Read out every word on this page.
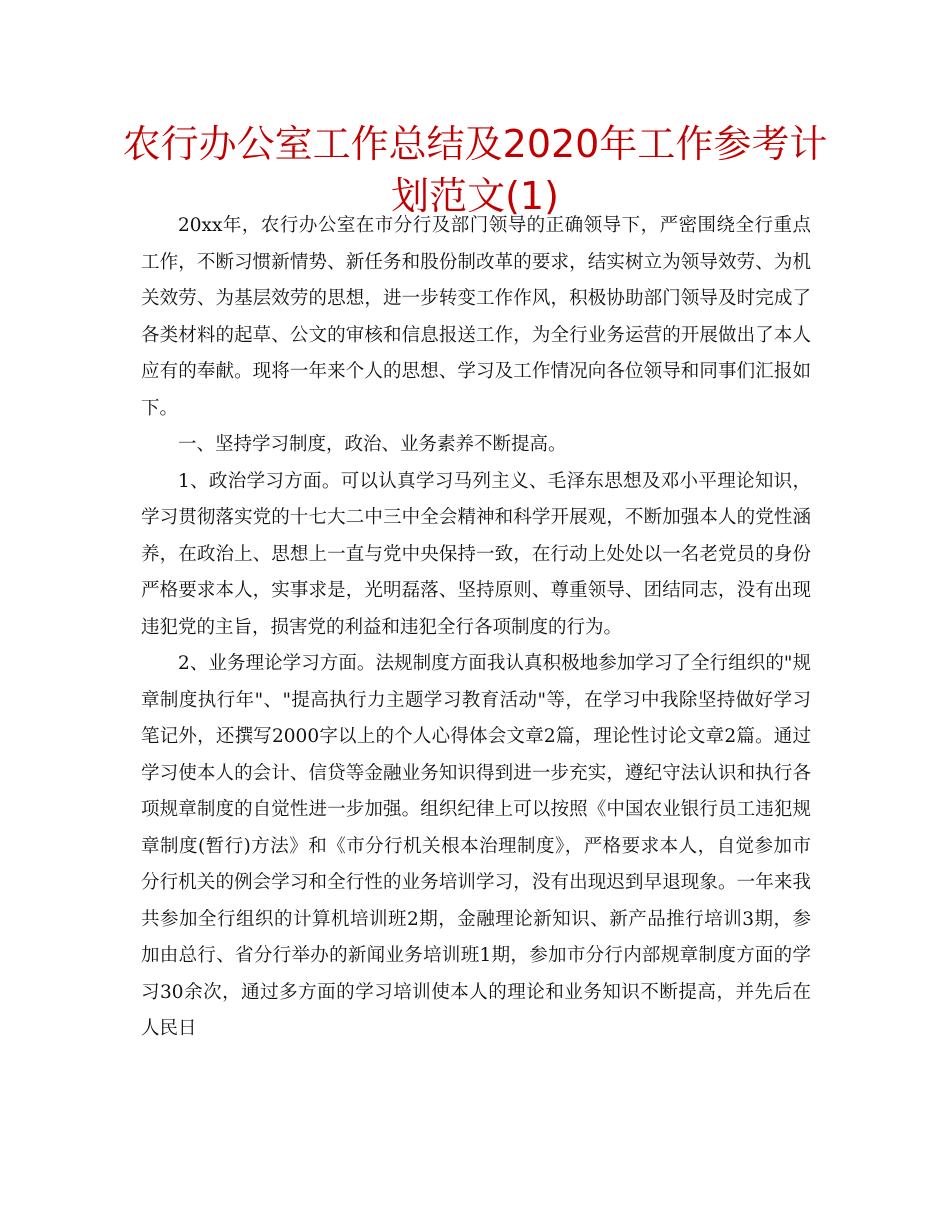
农行办公室工作总结及2020年工作参考计划范文(1)

20xx年，农行办公室在市分行及部门领导的正确领导下，严密围绕全行重点工作，不断习惯新情势、新任务和股份制改革的要求，结实树立为领导效劳、为机关效劳、为基层效劳的思想，进一步转变工作作风，积极协助部门领导及时完成了各类材料的起草、公文的审核和信息报送工作，为全行业务运营的开展做出了本人应有的奉献。现将一年来个人的思想、学习及工作情况向各位领导和同事们汇报如下。

一、坚持学习制度，政治、业务素养不断提高。

1、政治学习方面。可以认真学习马列主义、毛泽东思想及邓小平理论知识，学习贯彻落实党的十七大二中三中全会精神和科学开展观，不断加强本人的党性涵养，在政治上、思想上一直与党中央保持一致，在行动上处处以一名老党员的身份严格要求本人，实事求是，光明磊落、坚持原则、尊重领导、团结同志，没有出现违犯党的主旨，损害党的利益和违犯全行各项制度的行为。

2、业务理论学习方面。法规制度方面我认真积极地参加学习了全行组织的"规章制度执行年"、"提高执行力主题学习教育活动"等，在学习中我除坚持做好学习笔记外，还撰写2000字以上的个人心得体会文章2篇，理论性讨论文章2篇。通过学习使本人的会计、信贷等金融业务知识得到进一步充实，遵纪守法认识和执行各项规章制度的自觉性进一步加强。组织纪律上可以按照《中国农业银行员工违犯规章制度(暂行)方法》和《市分行机关根本治理制度》，严格要求本人，自觉参加市分行机关的例会学习和全行性的业务培训学习，没有出现迟到早退现象。一年来我共参加全行组织的计算机培训班2期，金融理论新知识、新产品推行培训3期，参加由总行、省分行举办的新闻业务培训班1期，参加市分行内部规章制度方面的学习30余次，通过多方面的学习培训使本人的理论和业务知识不断提高，并先后在人民日
